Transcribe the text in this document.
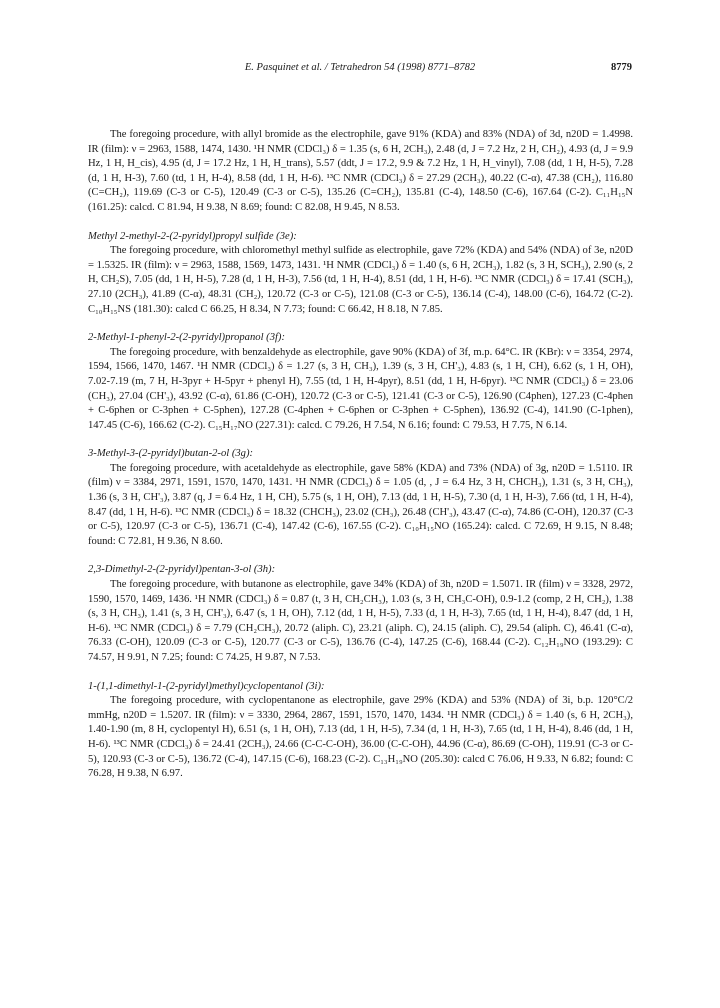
E. Pasquinet et al. / Tetrahedron 54 (1998) 8771–8782	8779

The foregoing procedure, with allyl bromide as the electrophile, gave 91% (KDA) and 83% (NDA) of 3d, n20D = 1.4998. IR (film): ν = 2963, 1588, 1474, 1430. ¹H NMR (CDCl₃) δ = 1.35 (s, 6 H, 2CH₃), 2.48 (d, J = 7.2 Hz, 2 H, CH₂), 4.93 (d, J = 9.9 Hz, 1 H, H_cis), 4.95 (d, J = 17.2 Hz, 1 H, H_trans), 5.57 (ddt, J = 17.2, 9.9 & 7.2 Hz, 1 H, H_vinyl), 7.08 (dd, 1 H, H-5), 7.28 (d, 1 H, H-3), 7.60 (td, 1 H, H-4), 8.58 (dd, 1 H, H-6). ¹³C NMR (CDCl₃) δ = 27.29 (2CH₃), 40.22 (C-α), 47.38 (CH₂), 116.80 (C=CH₂), 119.69 (C-3 or C-5), 120.49 (C-3 or C-5), 135.26 (C=CH₂), 135.81 (C-4), 148.50 (C-6), 167.64 (C-2). C₁₁H₁₅N (161.25): calcd. C 81.94, H 9.38, N 8.69; found: C 82.08, H 9.45, N 8.53.

Methyl 2-methyl-2-(2-pyridyl)propyl sulfide (3e):

The foregoing procedure, with chloromethyl methyl sulfide as electrophile, gave 72% (KDA) and 54% (NDA) of 3e, n20D = 1.5325. IR (film): ν = 2963, 1588, 1569, 1473, 1431. ¹H NMR (CDCl₃) δ = 1.40 (s, 6 H, 2CH₃), 1.82 (s, 3 H, SCH₃), 2.90 (s, 2 H, CH₂S), 7.05 (dd, 1 H, H-5), 7.28 (d, 1 H, H-3), 7.56 (td, 1 H, H-4), 8.51 (dd, 1 H, H-6). ¹³C NMR (CDCl₃) δ = 17.41 (SCH₃), 27.10 (2CH₃), 41.89 (C-α), 48.31 (CH₂), 120.72 (C-3 or C-5), 121.08 (C-3 or C-5), 136.14 (C-4), 148.00 (C-6), 164.72 (C-2). C₁₀H₁₅NS (181.30): calcd C 66.25, H 8.34, N 7.73; found: C 66.42, H 8.18, N 7.85.

2-Methyl-1-phenyl-2-(2-pyridyl)propanol (3f):

The foregoing procedure, with benzaldehyde as electrophile, gave 90% (KDA) of 3f, m.p. 64°C. IR (KBr): ν = 3354, 2974, 1594, 1566, 1470, 1467. ¹H NMR (CDCl₃) δ = 1.27 (s, 3 H, CH₃), 1.39 (s, 3 H, CH'₃), 4.83 (s, 1 H, CH), 6.62 (s, 1 H, OH), 7.02-7.19 (m, 7 H, H-3pyr + H-5pyr + phenyl H), 7.55 (td, 1 H, H-4pyr), 8.51 (dd, 1 H, H-6pyr). ¹³C NMR (CDCl₃) δ = 23.06 (CH₃), 27.04 (CH'₃), 43.92 (C-α), 61.86 (C-OH), 120.72 (C-3 or C-5), 121.41 (C-3 or C-5), 126.90 (C4phen), 127.23 (C-4phen + C-6phen or C-3phen + C-5phen), 127.28 (C-4phen + C-6phen or C-3phen + C-5phen), 136.92 (C-4), 141.90 (C-1phen), 147.45 (C-6), 166.62 (C-2). C₁₅H₁₇NO (227.31): calcd. C 79.26, H 7.54, N 6.16; found: C 79.53, H 7.75, N 6.14.

3-Methyl-3-(2-pyridyl)butan-2-ol (3g):

The foregoing procedure, with acetaldehyde as electrophile, gave 58% (KDA) and 73% (NDA) of 3g, n20D = 1.5110. IR (film) ν = 3384, 2971, 1591, 1570, 1470, 1431. ¹H NMR (CDCl₃) δ = 1.05 (d, , J = 6.4 Hz, 3 H, CHCH₃), 1.31 (s, 3 H, CH₃), 1.36 (s, 3 H, CH'₃), 3.87 (q, J = 6.4 Hz, 1 H, CH), 5.75 (s, 1 H, OH), 7.13 (dd, 1 H, H-5), 7.30 (d, 1 H, H-3), 7.66 (td, 1 H, H-4), 8.47 (dd, 1 H, H-6). ¹³C NMR (CDCl₃) δ = 18.32 (CHCH₃), 23.02 (CH₃), 26.48 (CH'₃), 43.47 (C-α), 74.86 (C-OH), 120.37 (C-3 or C-5), 120.97 (C-3 or C-5), 136.71 (C-4), 147.42 (C-6), 167.55 (C-2). C₁₀H₁₅NO (165.24): calcd. C 72.69, H 9.15, N 8.48; found: C 72.81, H 9.36, N 8.60.

2,3-Dimethyl-2-(2-pyridyl)pentan-3-ol (3h):

The foregoing procedure, with butanone as electrophile, gave 34% (KDA) of 3h, n20D = 1.5071. IR (film) ν = 3328, 2972, 1590, 1570, 1469, 1436. ¹H NMR (CDCl₃) δ = 0.87 (t, 3 H, CH₂CH₃), 1.03 (s, 3 H, CH₃C-OH), 0.9-1.2 (comp, 2 H, CH₂), 1.38 (s, 3 H, CH₃), 1.41 (s, 3 H, CH'₃), 6.47 (s, 1 H, OH), 7.12 (dd, 1 H, H-5), 7.33 (d, 1 H, H-3), 7.65 (td, 1 H, H-4), 8.47 (dd, 1 H, H-6). ¹³C NMR (CDCl₃) δ = 7.79 (CH₂CH₃), 20.72 (aliph. C), 23.21 (aliph. C), 24.15 (aliph. C), 29.54 (aliph. C), 46.41 (C-α), 76.33 (C-OH), 120.09 (C-3 or C-5), 120.77 (C-3 or C-5), 136.76 (C-4), 147.25 (C-6), 168.44 (C-2). C₁₂H₁₉NO (193.29): C 74.57, H 9.91, N 7.25; found: C 74.25, H 9.87, N 7.53.

1-(1,1-dimethyl-1-(2-pyridyl)methyl)cyclopentanol (3i):

The foregoing procedure, with cyclopentanone as electrophile, gave 29% (KDA) and 53% (NDA) of 3i, b.p. 120°C/2 mmHg, n20D = 1.5207. IR (film): ν = 3330, 2964, 2867, 1591, 1570, 1470, 1434. ¹H NMR (CDCl₃) δ = 1.40 (s, 6 H, 2CH₃), 1.40-1.90 (m, 8 H, cyclopentyl H), 6.51 (s, 1 H, OH), 7.13 (dd, 1 H, H-5), 7.34 (d, 1 H, H-3), 7.65 (td, 1 H, H-4), 8.46 (dd, 1 H, H-6). ¹³C NMR (CDCl₃) δ = 24.41 (2CH₃), 24.66 (C-C-C-OH), 36.00 (C-C-OH), 44.96 (C-α), 86.69 (C-OH), 119.91 (C-3 or C-5), 120.93 (C-3 or C-5), 136.72 (C-4), 147.15 (C-6), 168.23 (C-2). C₁₃H₁₉NO (205.30): calcd C 76.06, H 9.33, N 6.82; found: C 76.28, H 9.38, N 6.97.
